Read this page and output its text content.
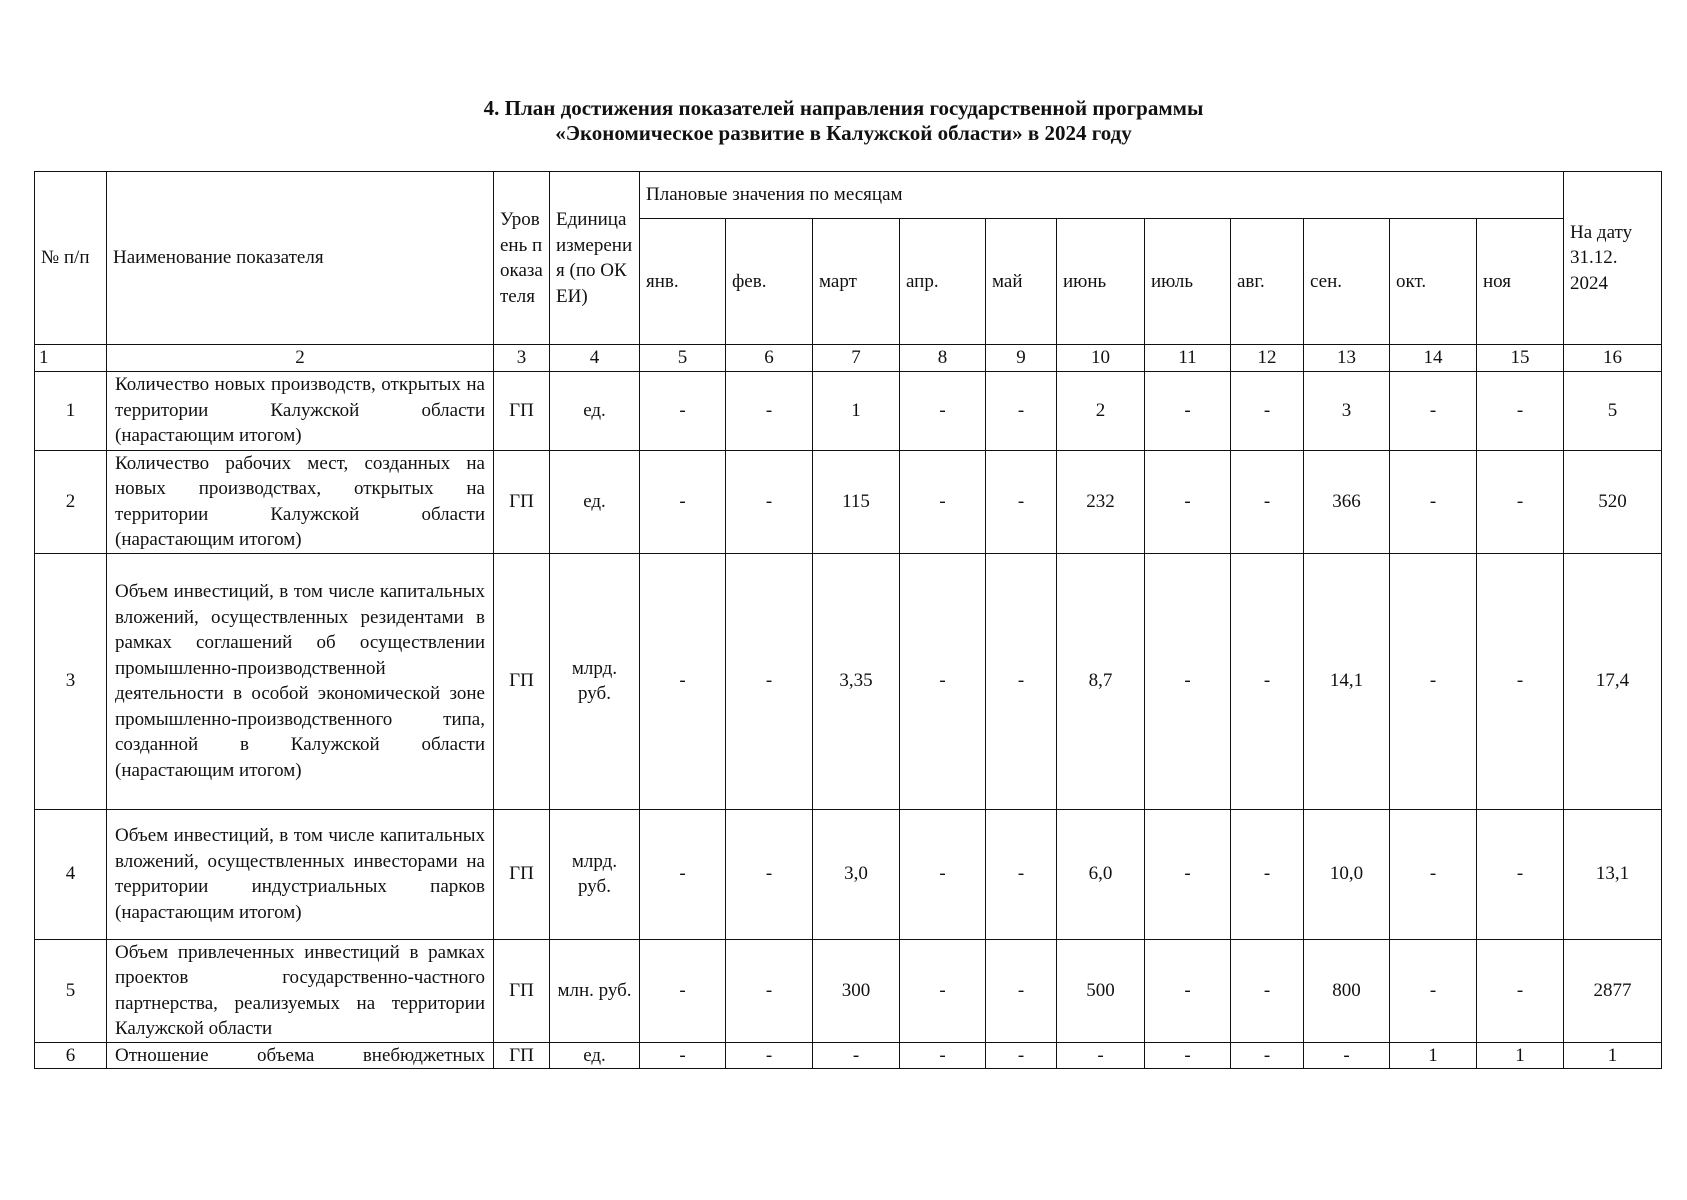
4. План достижения показателей направления государственной программы
«Экономическое развитие в Калужской области» в 2024 году
№ п/п	Наименование показателя	Уровень показателя	Единица измерения (по ОКЕИ)	Плановые значения по месяцам											На дату 31.12. 2024
				янв.	фев.	март	апр.	май	июнь	июль	авг.	сен.	окт.	ноя	
1	2	3	4	5	6	7	8	9	10	11	12	13	14	15	16
1	Количество новых производств, открытых на территории Калужской области (нарастающим итогом)	ГП	ед.	-	-	1	-	-	2	-	-	3	-	-	5
2	Количество рабочих мест, созданных на новых производствах, открытых на территории Калужской области (нарастающим итогом)	ГП	ед.	-	-	115	-	-	232	-	-	366	-	-	520
3	Объем инвестиций, в том числе капитальных вложений, осуществленных резидентами в рамках соглашений об осуществлении промышленно-производственной деятельности в особой экономической зоне промышленно-производственного типа, созданной в Калужской области (нарастающим итогом)	ГП	млрд. руб.	-	-	3,35	-	-	8,7	-	-	14,1	-	-	17,4
4	Объем инвестиций, в том числе капитальных вложений, осуществленных инвесторами на территории индустриальных парков (нарастающим итогом)	ГП	млрд. руб.	-	-	3,0	-	-	6,0	-	-	10,0	-	-	13,1
5	Объем привлеченных инвестиций в рамках проектов государственно-частного партнерства, реализуемых на территории Калужской области	ГП	млн. руб.	-	-	300	-	-	500	-	-	800	-	-	2877
6	Отношение объема внебюджетных	ГП	ед.	-	-	-	-	-	-	-	-	-	1	1	1
